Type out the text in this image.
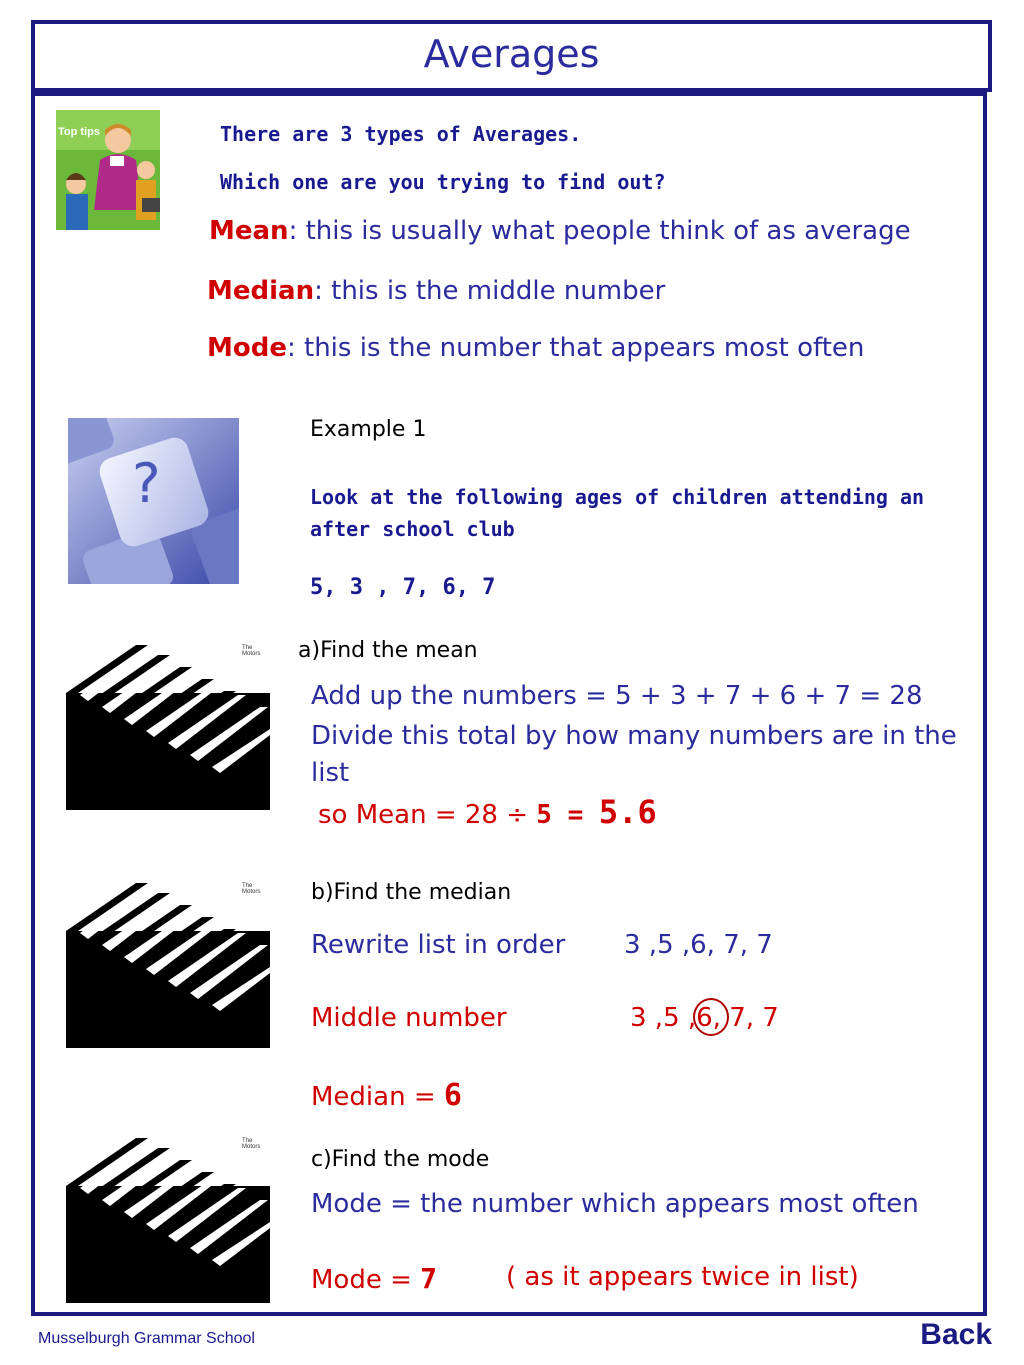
Averages
Top tips	There are 3 types of Averages.
Which one are you trying to find out?
Mean: this is usually what people think of as average
Median: this is the middle number
Mode: this is the number that appears most often
?
Example 1
Look at the following ages of children attending an after school club
5, 3 , 7, 6, 7
The Motors
The Motors
The Motors
a)Find the mean
Add up the numbers = 5 + 3 + 7 + 6 + 7 = 28
Divide this total by how many numbers are in the list
so Mean = 28 ÷ 5 = 5.6
b)Find the median
Rewrite list in order 3 ,5 ,6, 7, 7
Middle number	3 ,5 ,6, 7, 7
Median = 6
c)Find the mode
Mode = the number which appears most often
Mode = 7	( as it appears twice in list)
Musselburgh Grammar School	Back
